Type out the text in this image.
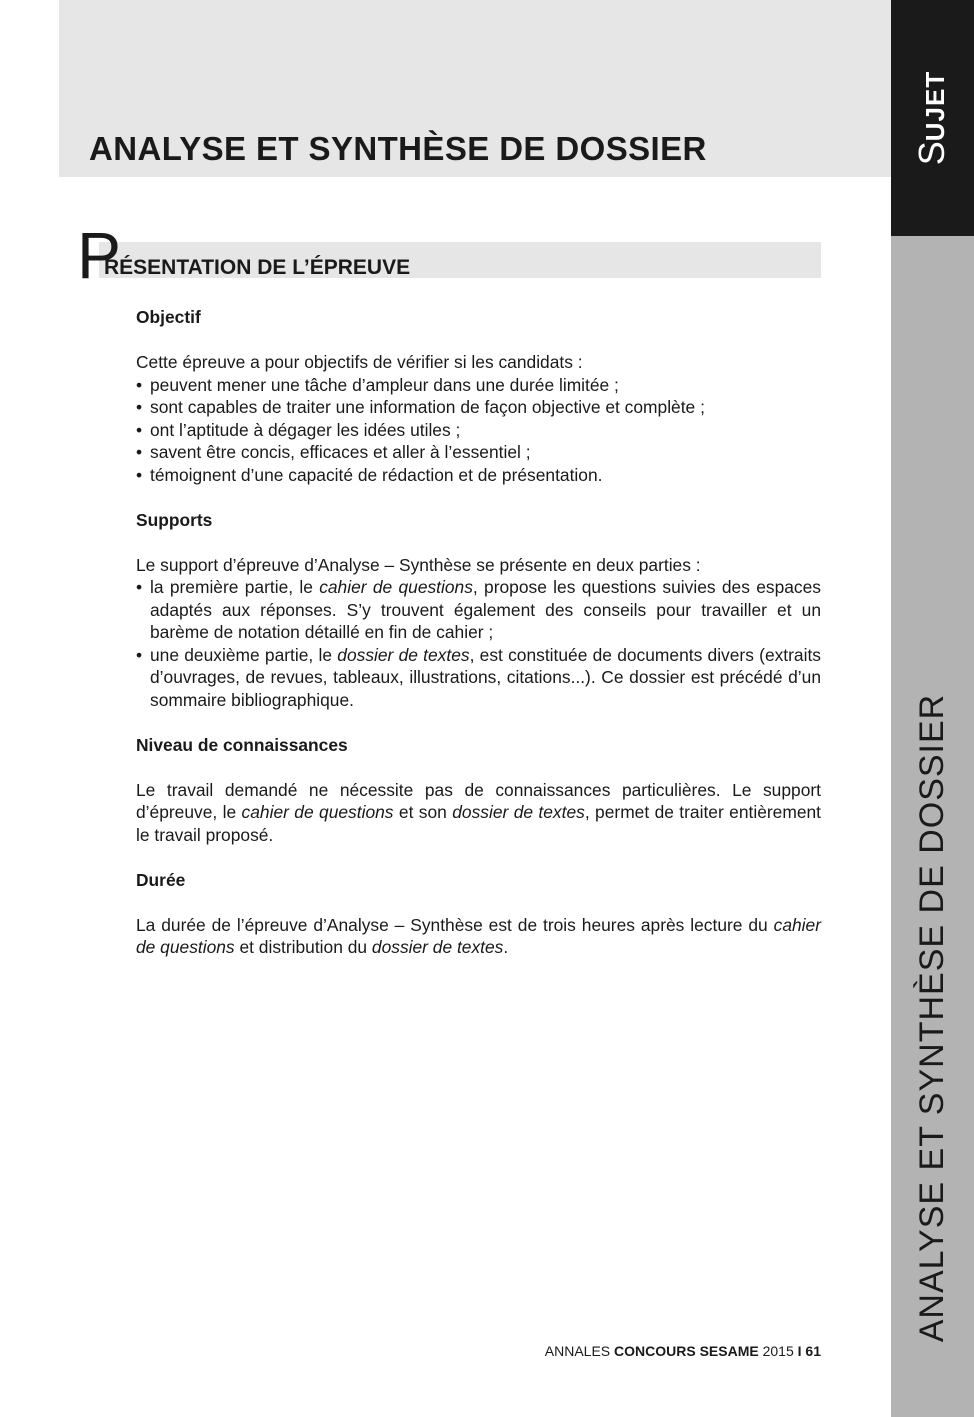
ANALYSE ET SYNTHÈSE DE DOSSIER	SUJET
ANALYSE ET SYNTHÈSE DE DOSSIER
P
RÉSENTATION DE L’ÉPREUVE
Objectif

Cette épreuve a pour objectifs de vérifier si les candidats :

• peuvent mener une tâche d’ampleur dans une durée limitée ;
• sont capables de traiter une information de façon objective et complète ;
• ont l’aptitude à dégager les idées utiles ;
• savent être concis, efficaces et aller à l’essentiel ;
• témoignent d’une capacité de rédaction et de présentation.
Supports

Le support d’épreuve d’Analyse – Synthèse se présente en deux parties :

• la première partie, le cahier de questions, propose les questions suivies des espaces adaptés aux réponses. S’y trouvent également des conseils pour travailler et un barème de notation détaillé en fin de cahier ;
• une deuxième partie, le dossier de textes, est constituée de documents divers (extraits d’ouvrages, de revues, tableaux, illustrations, citations...). Ce dossier est précédé d’un sommaire bibliographique.
Niveau de connaissances

Le travail demandé ne nécessite pas de connaissances particulières. Le support d’épreuve, le cahier de questions et son dossier de textes, permet de traiter entièrement le travail proposé.

Durée

La durée de l’épreuve d’Analyse – Synthèse est de trois heures après lecture du cahier de questions et distribution du dossier de textes.

ANNALES CONCOURS SESAME 2015 I 61
